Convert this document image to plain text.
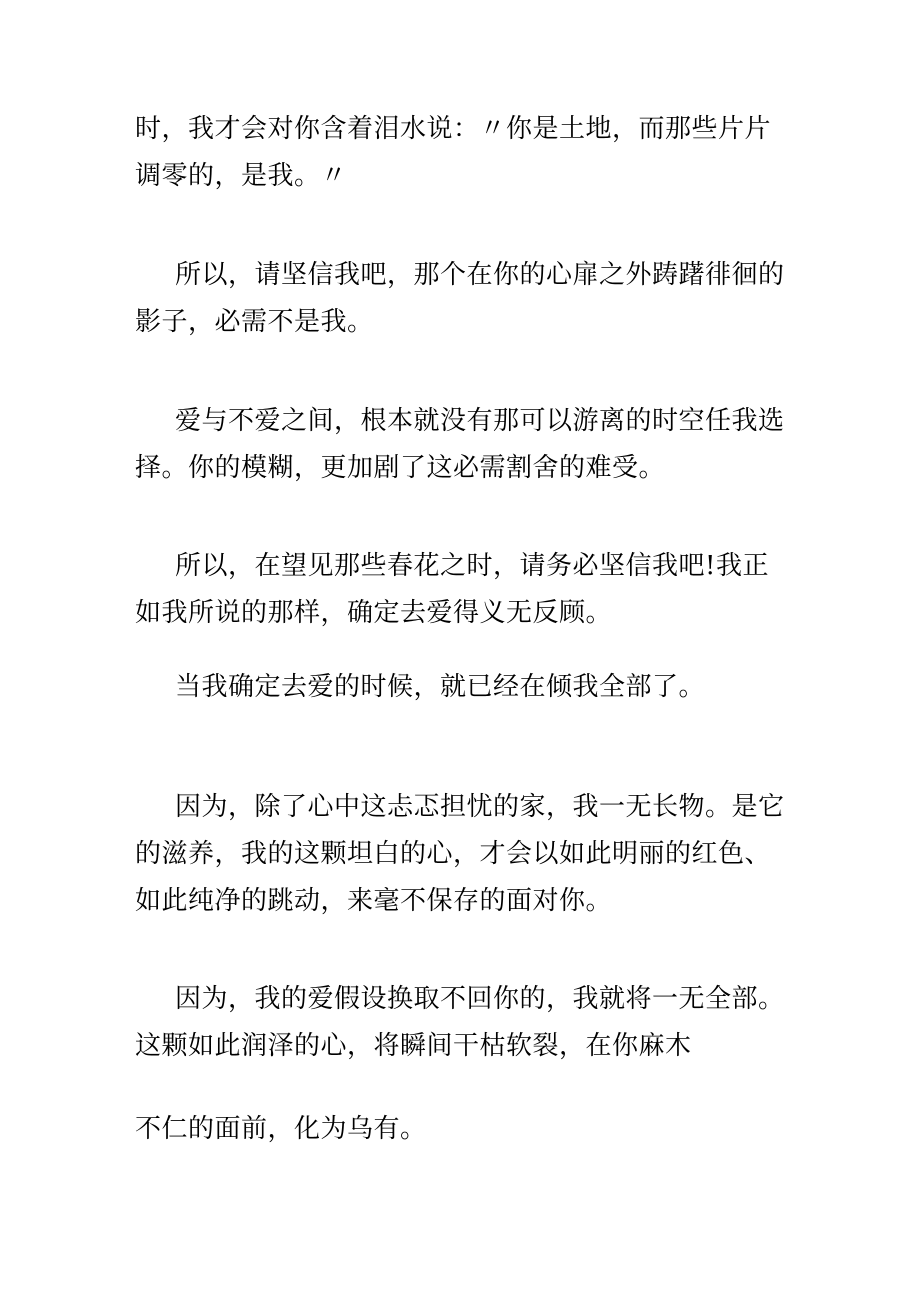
时，我才会对你含着泪水说：〃你是土地，而那些片片调零的，是我。〃

所以，请坚信我吧，那个在你的心扉之外踌躇徘徊的影子，必需不是我。

爱与不爱之间，根本就没有那可以游离的时空任我选择。你的模糊，更加剧了这必需割舍的难受。

所以，在望见那些春花之时，请务必坚信我吧!我正如我所说的那样，确定去爱得义无反顾。

当我确定去爱的时候，就已经在倾我全部了。

因为，除了心中这忐忑担忧的家，我一无长物。是它的滋养，我的这颗坦白的心，才会以如此明丽的红色、如此纯净的跳动，来毫不保存的面对你。

因为，我的爱假设换取不回你的，我就将一无全部。这颗如此润泽的心，将瞬间干枯软裂，在你麻木

不仁的面前，化为乌有。
